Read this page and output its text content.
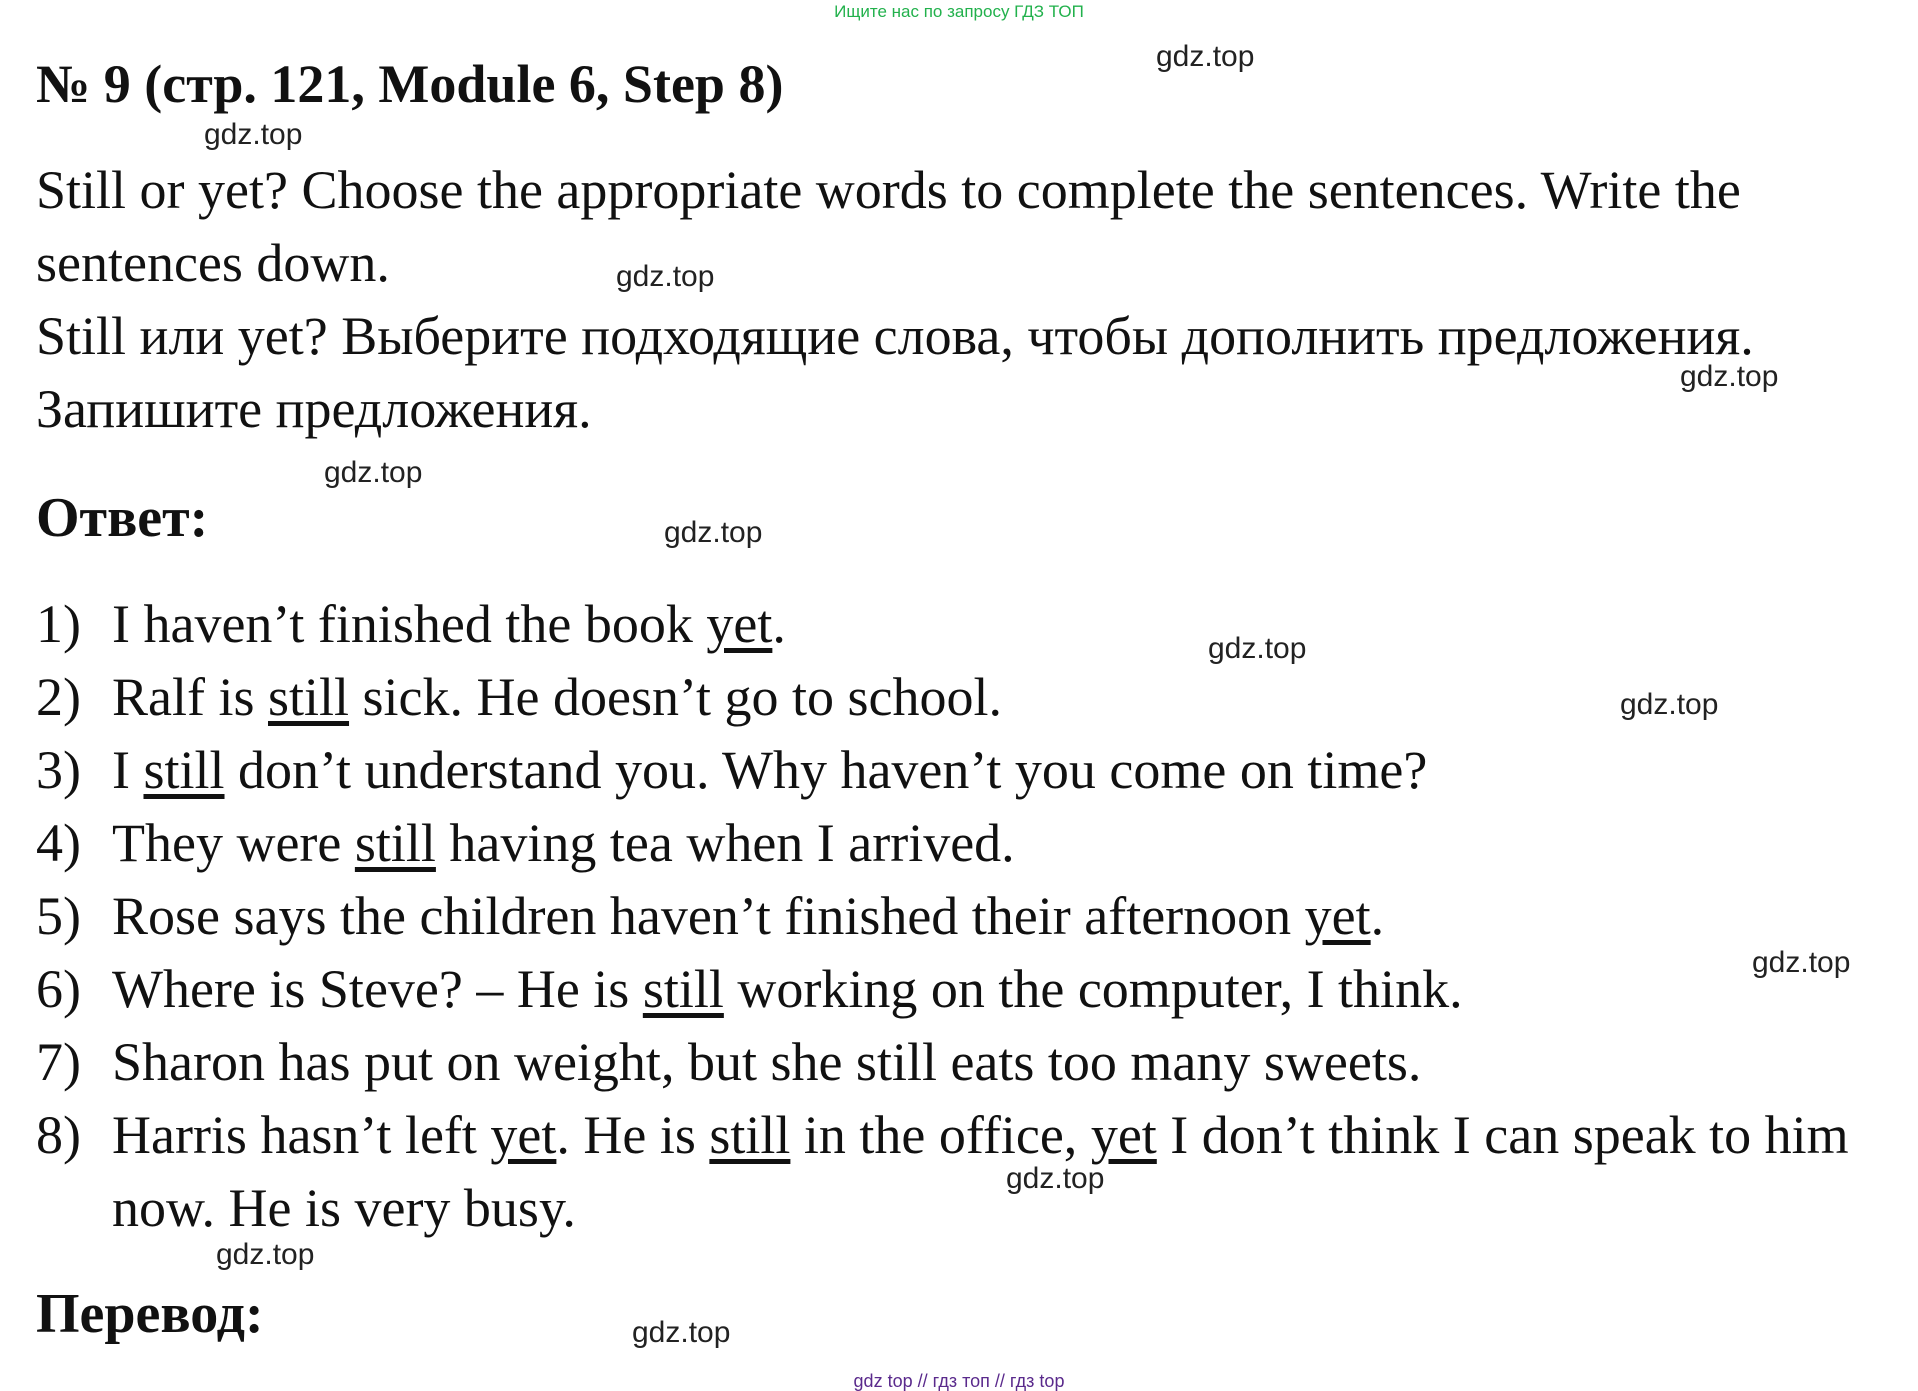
Ищите нас по запросу ГДЗ ТОП
№ 9 (стр. 121, Module 6, Step 8)

Still or yet? Choose the appropriate words to complete the sentences. Write the sentences down.

Still или yet? Выберите подходящие слова, чтобы дополнить предложения. Запишите предложения.

Ответ:
1) I haven’t finished the book yet.
2) Ralf is still sick. He doesn’t go to school.
3) I still don’t understand you. Why haven’t you come on time?
4) They were still having tea when I arrived.
5) Rose says the children haven’t finished their afternoon yet.
6) Where is Steve? – He is still working on the computer, I think.
7) Sharon has put on weight, but she still eats too many sweets.
8) Harris hasn’t left yet. He is still in the office, yet I don’t think I can speak to him now. He is very busy.
Перевод:
gdz.top
gdz.top
gdz.top
gdz.top
gdz.top
gdz.top
gdz.top
gdz.top
gdz.top
gdz.top
gdz.top
gdz.top
gdz top // гдз топ // гдз top
